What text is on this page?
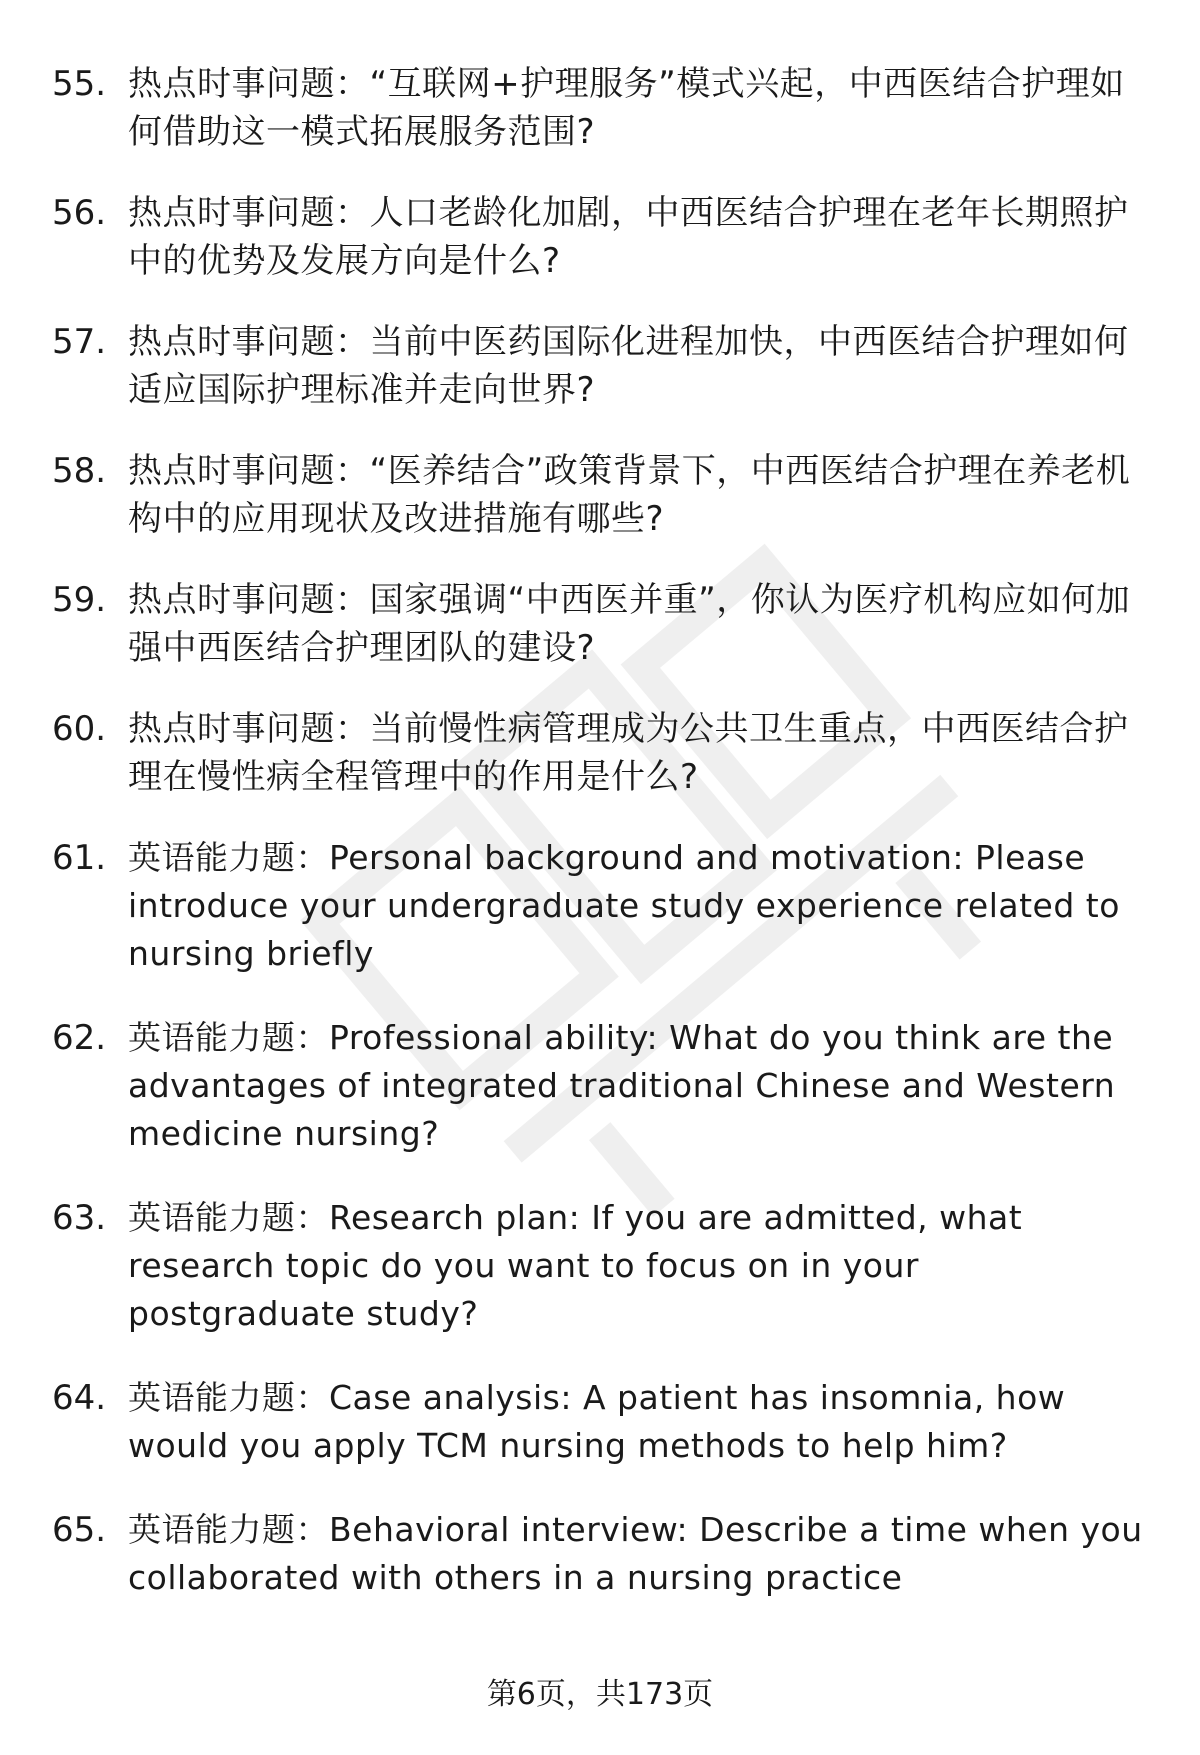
55. 热点时事问题：“互联网+护理服务”模式兴起，中西医结合护理如何借助这一模式拓展服务范围?
56. 热点时事问题：人口老龄化加剧，中西医结合护理在老年长期照护中的优势及发展方向是什么?
57. 热点时事问题：当前中医药国际化进程加快，中西医结合护理如何适应国际护理标准并走向世界?
58. 热点时事问题：“医养结合”政策背景下，中西医结合护理在养老机构中的应用现状及改进措施有哪些?
59. 热点时事问题：国家强调“中西医并重”，你认为医疗机构应如何加强中西医结合护理团队的建设?
60. 热点时事问题：当前慢性病管理成为公共卫生重点，中西医结合护理在慢性病全程管理中的作用是什么?
61. 英语能力题：Personal background and motivation: Please introduce your undergraduate study experience related to nursing briefly
62. 英语能力题：Professional ability: What do you think are the advantages of integrated traditional Chinese and Western medicine nursing?
63. 英语能力题：Research plan: If you are admitted, what research topic do you want to focus on in your postgraduate study?
64. 英语能力题：Case analysis: A patient has insomnia, how would you apply TCM nursing methods to help him?
65. 英语能力题：Behavioral interview: Describe a time when you collaborated with others in a nursing practice
第6页，共173页
